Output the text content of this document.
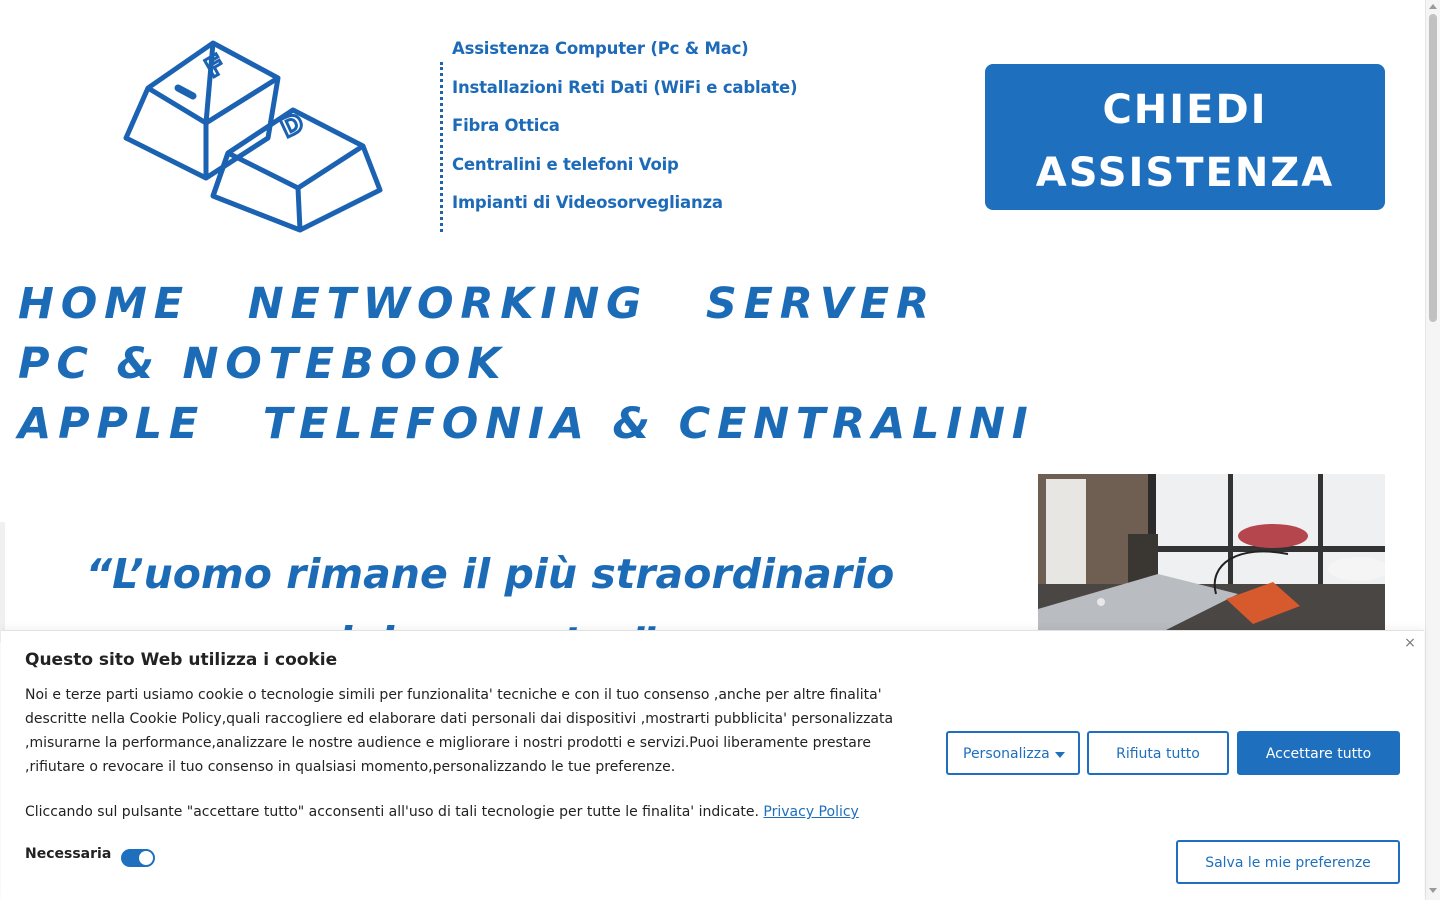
F
D
Assistenza Computer (Pc & Mac)
Installazioni Reti Dati (WiFi e cablate)
Fibra Ottica
Centralini e telefoni Voip
Impianti di Videosorveglianza
CHIEDI
ASSISTENZA
HOME NETWORKING SERVER PC & NOTEBOOK
APPLE TELEFONIA & CENTRALINI
“L’uomo rimane il più straordinario
×
Questo sito Web utilizza i cookie

Noi e terze parti usiamo cookie o tecnologie simili per funzionalita' tecniche e con il tuo consenso ,anche per altre finalita' descritte nella Cookie Policy,quali raccogliere ed elaborare dati personali dai dispositivi ,mostrarti pubblicita' personalizzata ,misurarne la performance,analizzare le nostre audience e migliorare i nostri prodotti e servizi.Puoi liberamente prestare ,rifiutare o revocare il tuo consenso in qualsiasi momento,personalizzando le tue preferenze.

Cliccando sul pulsante "accettare tutto" acconsenti all'uso di tali tecnologie per tutte le finalita' indicate. Privacy Policy

Necessaria
Personalizza	Rifiuta tutto	Accettare tutto
Salva le mie preferenze
